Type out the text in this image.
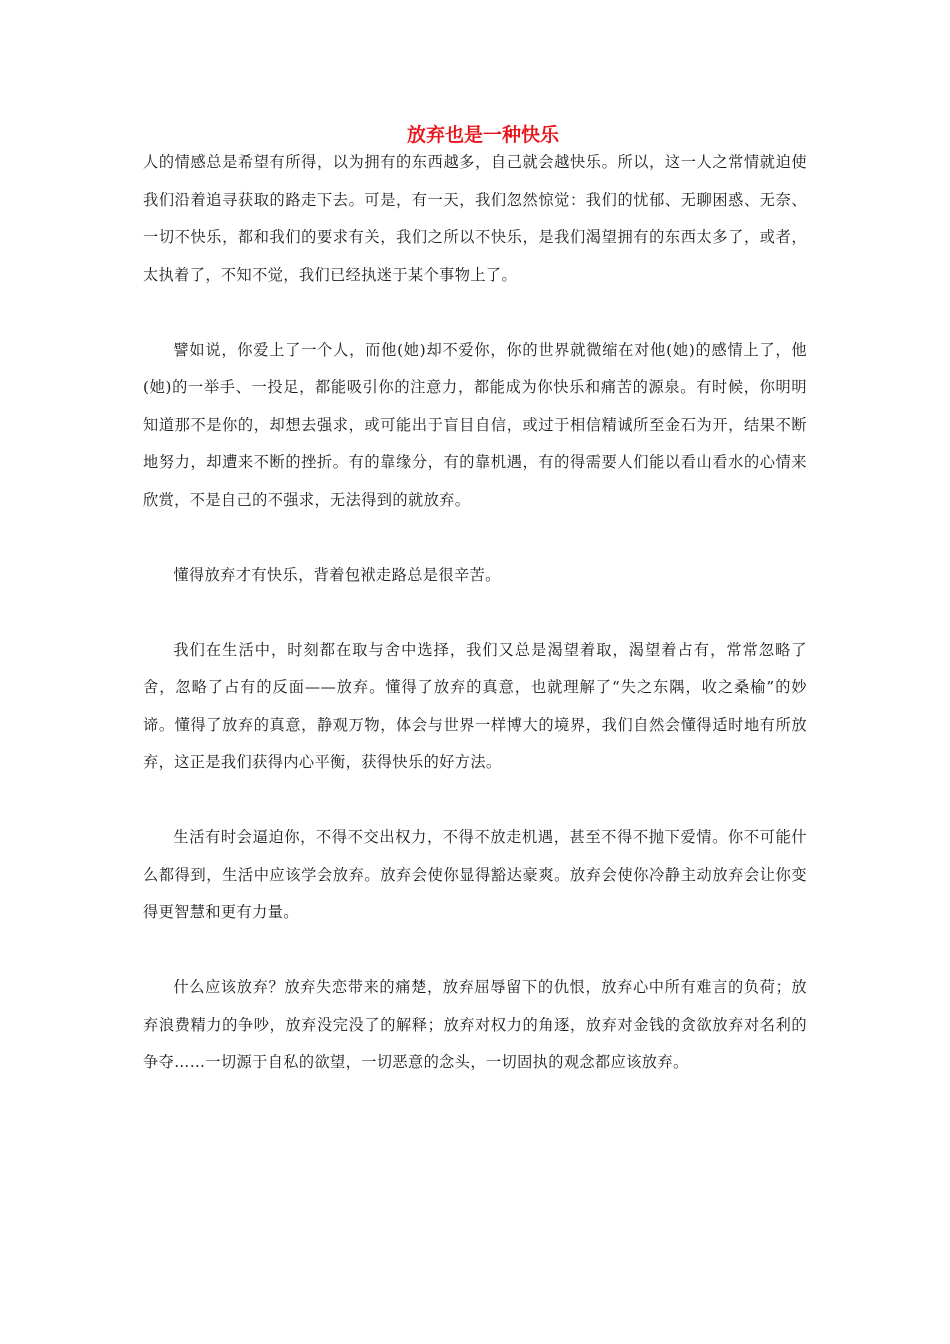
放弃也是一种快乐

人的情感总是希望有所得，以为拥有的东西越多，自己就会越快乐。所以，这一人之常情就迫使我们沿着追寻获取的路走下去。可是，有一天，我们忽然惊觉：我们的忧郁、无聊困惑、无奈、一切不快乐，都和我们的要求有关，我们之所以不快乐，是我们渴望拥有的东西太多了，或者，太执着了，不知不觉，我们已经执迷于某个事物上了。

譬如说，你爱上了一个人，而他(她)却不爱你，你的世界就微缩在对他(她)的感情上了，他(她)的一举手、一投足，都能吸引你的注意力，都能成为你快乐和痛苦的源泉。有时候，你明明知道那不是你的，却想去强求，或可能出于盲目自信，或过于相信精诚所至金石为开，结果不断地努力，却遭来不断的挫折。有的靠缘分，有的靠机遇，有的得需要人们能以看山看水的心情来欣赏，不是自己的不强求，无法得到的就放弃。

懂得放弃才有快乐，背着包袱走路总是很辛苦。

我们在生活中，时刻都在取与舍中选择，我们又总是渴望着取，渴望着占有，常常忽略了舍，忽略了占有的反面——放弃。懂得了放弃的真意，也就理解了“失之东隅，收之桑榆”的妙谛。懂得了放弃的真意，静观万物，体会与世界一样博大的境界，我们自然会懂得适时地有所放弃，这正是我们获得内心平衡，获得快乐的好方法。

生活有时会逼迫你，不得不交出权力，不得不放走机遇，甚至不得不抛下爱情。你不可能什么都得到，生活中应该学会放弃。放弃会使你显得豁达豪爽。放弃会使你冷静主动放弃会让你变得更智慧和更有力量。

什么应该放弃？放弃失恋带来的痛楚，放弃屈辱留下的仇恨，放弃心中所有难言的负荷；放弃浪费精力的争吵，放弃没完没了的解释；放弃对权力的角逐，放弃对金钱的贪欲放弃对名利的争夺……一切源于自私的欲望，一切恶意的念头，一切固执的观念都应该放弃。
